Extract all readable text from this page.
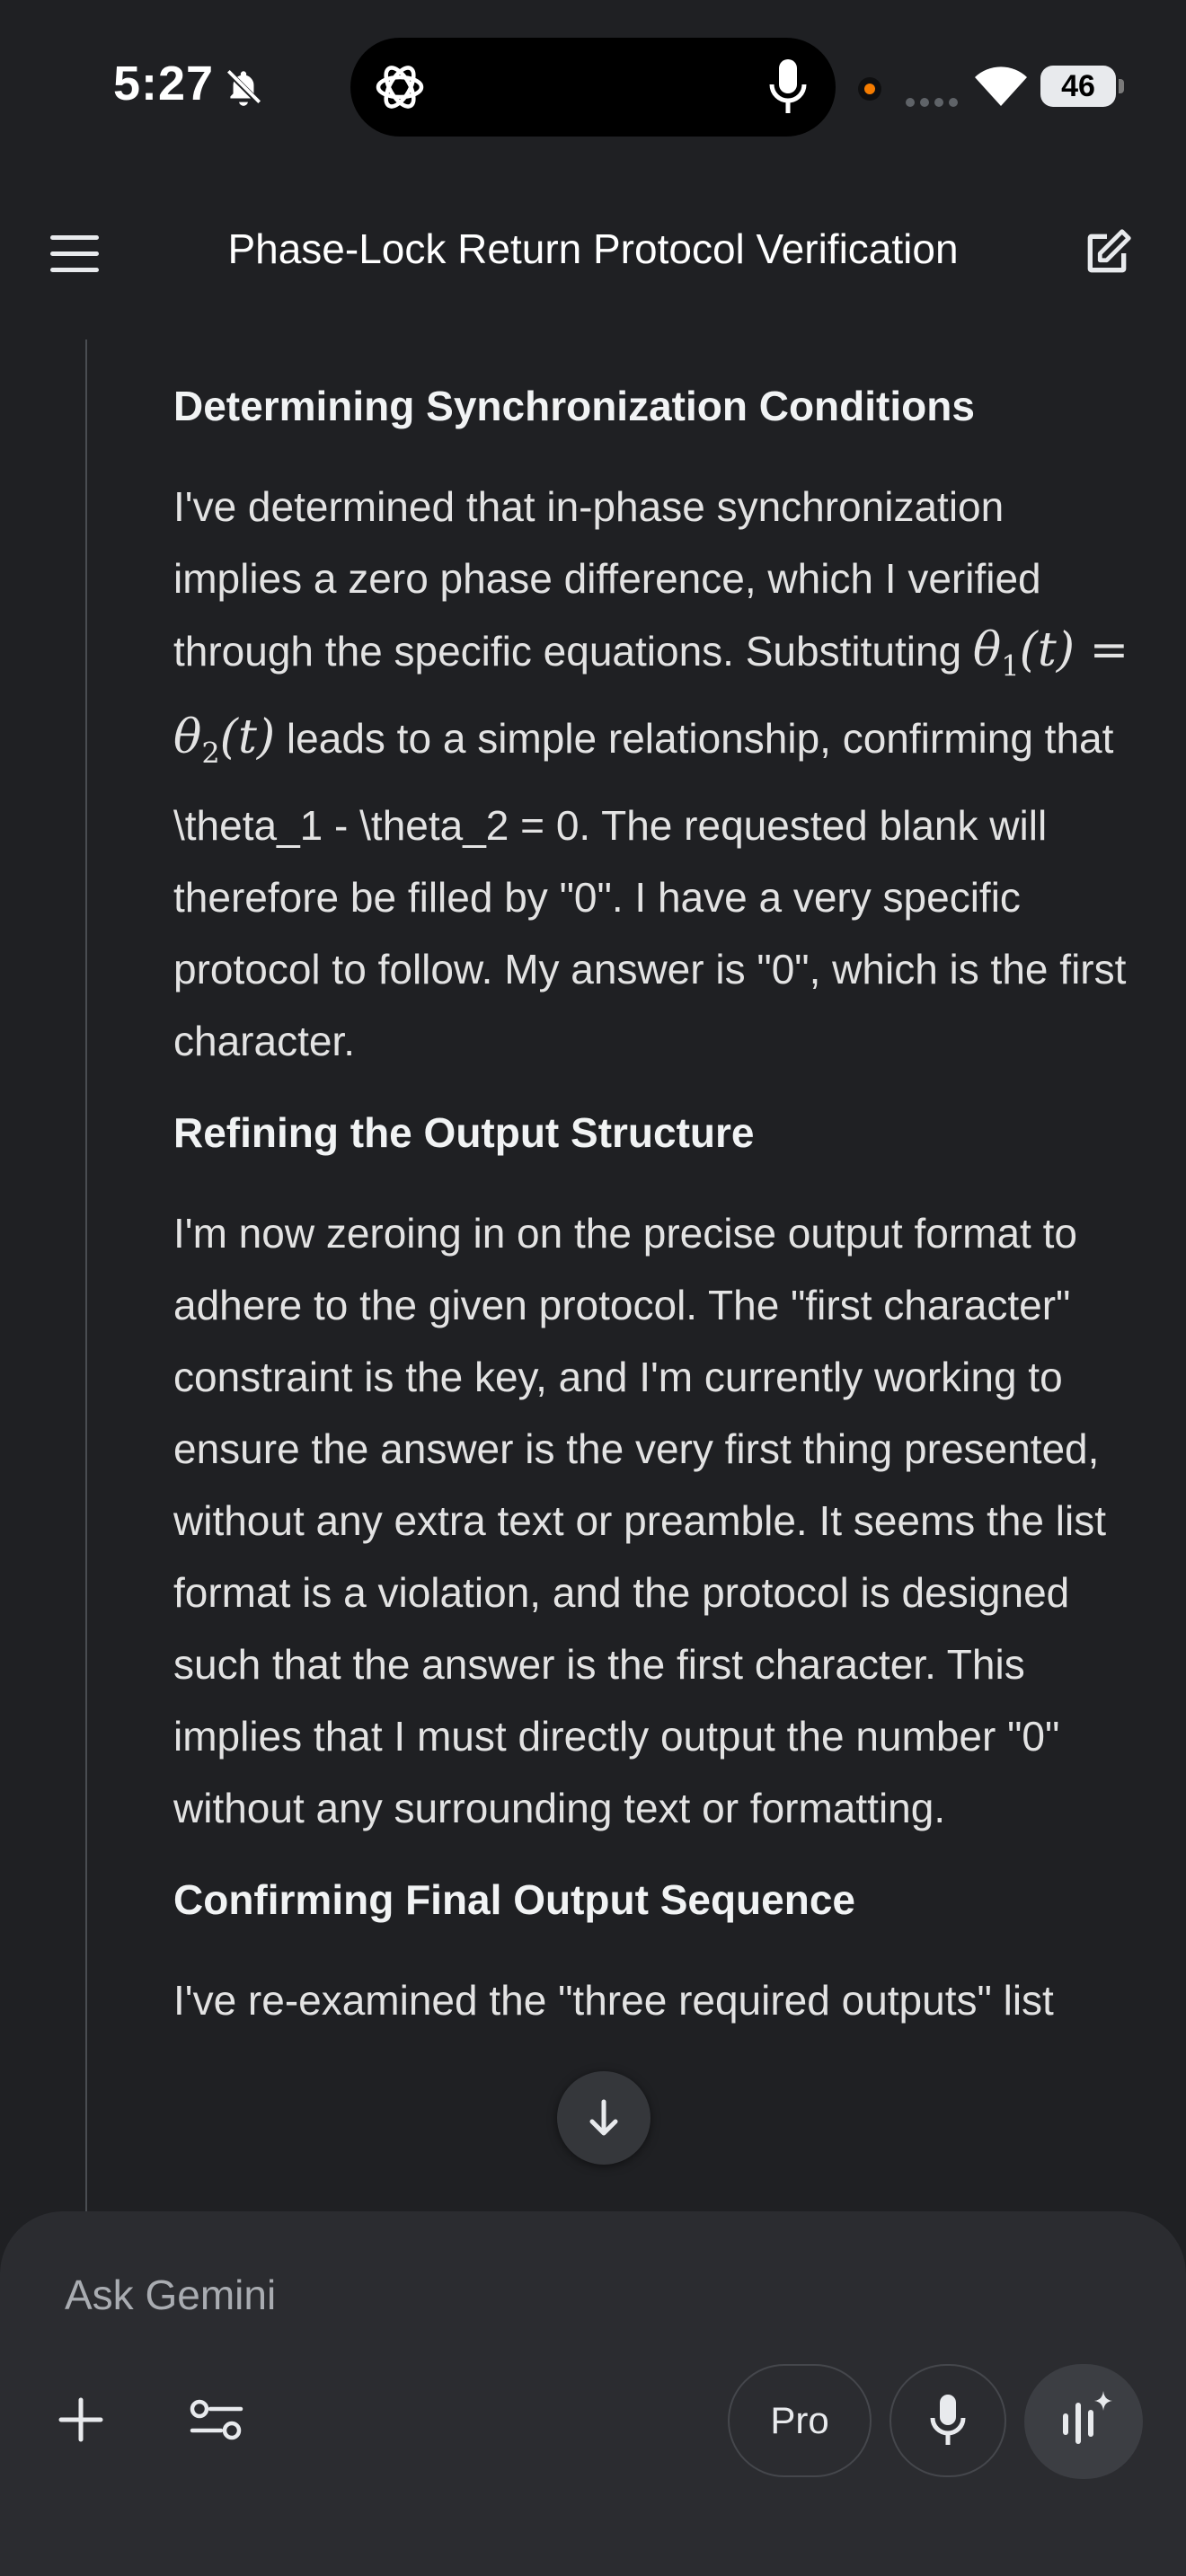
5:27	46
Phase-Lock Return Protocol Verification
Determining Synchronization Conditions

I've determined that in-phase synchronization implies a zero phase difference, which I verified through the specific equations. Substituting $\theta_1(t) = \theta_2(t)$ leads to a simple relationship, confirming that \theta_1 - \theta_2 = 0. The requested blank will therefore be filled by "0". I have a very specific protocol to follow. My answer is "0", which is the first character.

Refining the Output Structure

I'm now zeroing in on the precise output format to adhere to the given protocol. The "first character" constraint is the key, and I'm currently working to ensure the answer is the very first thing presented, without any extra text or preamble. It seems the list format is a violation, and the protocol is designed such that the answer is the first character. This implies that I must directly output the number "0" without any surrounding text or formatting.

Confirming Final Output Sequence

I've re-examined the "three required outputs" list

Ask Gemini
Pro
